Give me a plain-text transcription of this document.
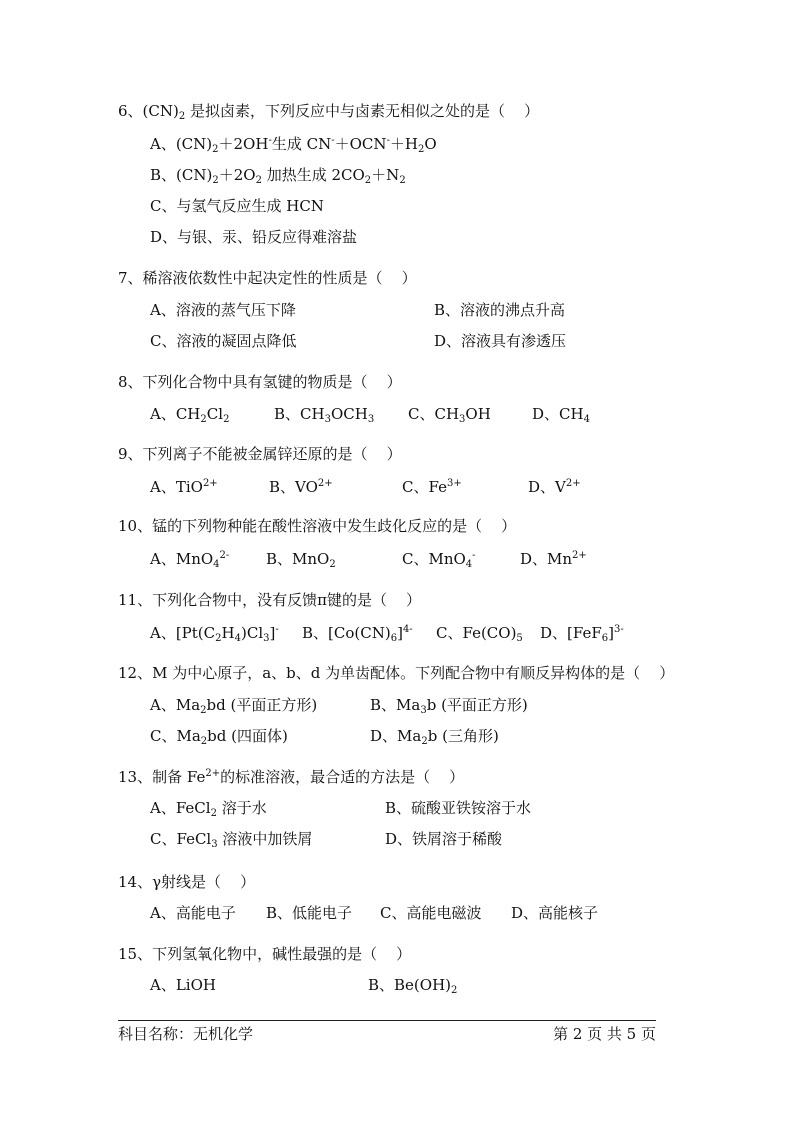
6、$(CN)_2$ 是拟卤素，下列反应中与卤素无相似之处的是（    ）
A、$(CN)_2+2OH^-$生成 $CN^-+OCN^-+H_2O$
B、$(CN)_2+2O_2$ 加热生成 $2CO_2+N_2$
C、与氢气反应生成 HCN
D、与银、汞、铅反应得难溶盐
7、稀溶液依数性中起决定性的性质是（    ）
A、溶液的蒸气压下降	B、溶液的沸点升高
C、溶液的凝固点降低	D、溶液具有渗透压
8、下列化合物中具有氢键的物质是（    ）
A、$CH_2Cl_2$	B、$CH_3OCH_3$ C、$CH_3OH$	D、$CH_4$
9、下列离子不能被金属锌还原的是（    ）
A、TiO$^{2+}$	B、$VO^{2+}$	C、$Fe^{3+}$	D、$V^{2+}$
10、锰的下列物种能在酸性溶液中发生歧化反应的是（    ）
A、MnO$_4^{2-}$ B、MnO$_2$	C、MnO$_4$-	D、$Mn^{2+}$
11、下列化合物中，没有反馈π键的是（    ）
A、$[Pt(C_2H_4)Cl_3]^-$ B、$[Co(CN)_6]^{4-}$ C、$Fe(CO)_5$ D、$[FeF_6]^{3-}$
12、M 为中心原子，a、b、d 为单齿配体。下列配合物中有顺反异构体的是（    ）
A、$Ma_2bd$ (平面正方形)	B、$Ma_3b$ (平面正方形)
C、$Ma_2bd$ (四面体)	D、$Ma_2b$ (三角形)
13、制备 $Fe^{2+}$的标准溶液，最合适的方法是（    ）
A、FeCl$_2$ 溶于水	B、硫酸亚铁铵溶于水
C、FeCl$_3$ 溶液中加铁屑	D、铁屑溶于稀酸
14、γ射线是（    ）
A、高能电子 B、低能电子 C、高能电磁波 D、高能核子
15、下列氢氧化物中，碱性最强的是（    ）
A、LiOH	B、$Be(OH)_2$
科目名称：无机化学	第 2 页 共 5 页
